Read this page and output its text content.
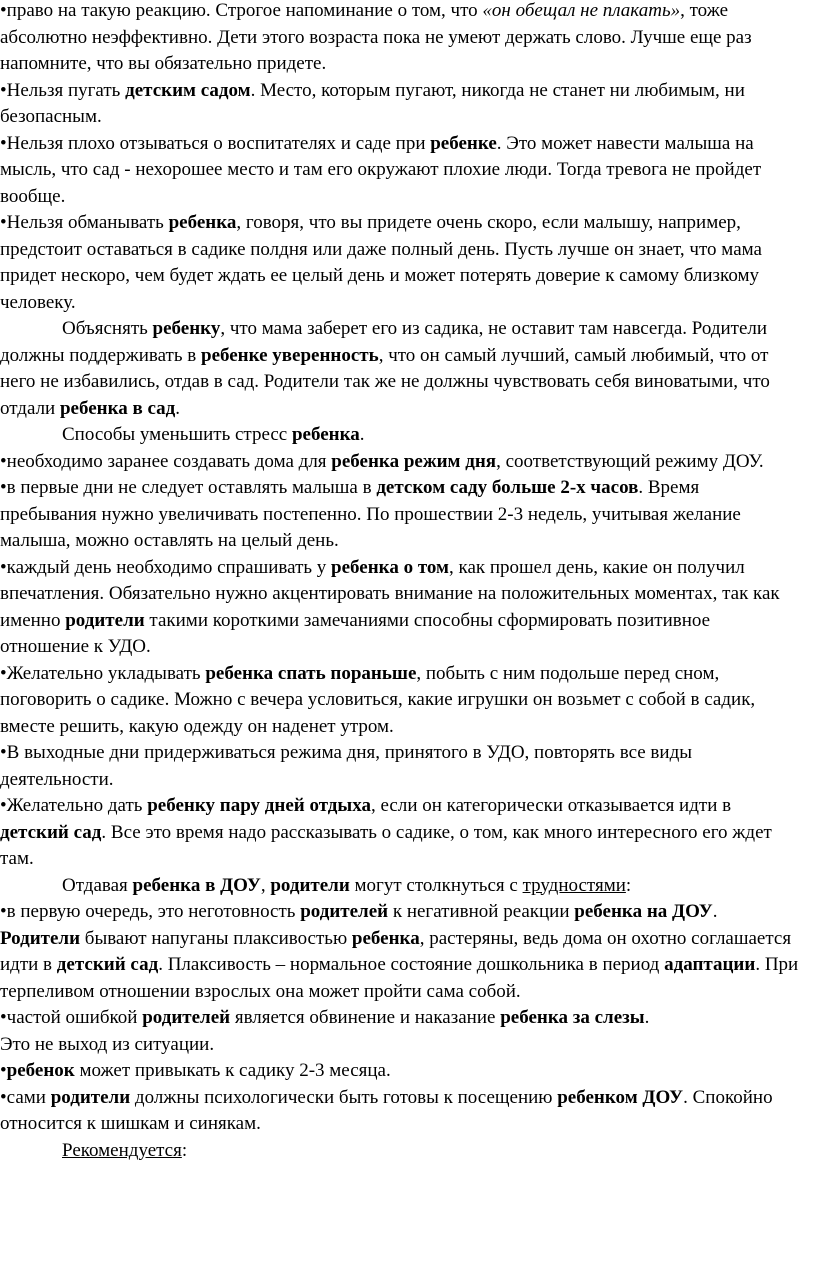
•право на такую реакцию. Строгое напоминание о том, что «он обещал не плакать», тоже абсолютно неэффективно. Дети этого возраста пока не умеют держать слово. Лучше еще раз напомните, что вы обязательно придете.

•Нельзя пугать детским садом. Место, которым пугают, никогда не станет ни любимым, ни безопасным.

•Нельзя плохо отзываться о воспитателях и саде при ребенке. Это может навести малыша на мысль, что сад - нехорошее место и там его окружают плохие люди. Тогда тревога не пройдет вообще.

•Нельзя обманывать ребенка, говоря, что вы придете очень скоро, если малышу, например, предстоит оставаться в садике полдня или даже полный день. Пусть лучше он знает, что мама придет нескоро, чем будет ждать ее целый день и может потерять доверие к самому близкому человеку.

Объяснять ребенку, что мама заберет его из садика, не оставит там навсегда. Родители должны поддерживать в ребенке уверенность, что он самый лучший, самый любимый, что от него не избавились, отдав в сад. Родители так же не должны чувствовать себя виноватыми, что отдали ребенка в сад.

Способы уменьшить стресс ребенка.

•необходимо заранее создавать дома для ребенка режим дня, соответствующий режиму ДОУ.

•в первые дни не следует оставлять малыша в детском саду больше 2-х часов. Время пребывания нужно увеличивать постепенно. По прошествии 2-3 недель, учитывая желание малыша, можно оставлять на целый день.

•каждый день необходимо спрашивать у ребенка о том, как прошел день, какие он получил впечатления. Обязательно нужно акцентировать внимание на положительных моментах, так как именно родители такими короткими замечаниями способны сформировать позитивное отношение к УДО.

•Желательно укладывать ребенка спать пораньше, побыть с ним подольше перед сном, поговорить о садике. Можно с вечера условиться, какие игрушки он возьмет с собой в садик, вместе решить, какую одежду он наденет утром.

•В выходные дни придерживаться режима дня, принятого в УДО, повторять все виды деятельности.

•Желательно дать ребенку пару дней отдыха, если он категорически отказывается идти в детский сад. Все это время надо рассказывать о садике, о том, как много интересного его ждет там.

Отдавая ребенка в ДОУ, родители могут столкнуться с трудностями:

•в первую очередь, это неготовность родителей к негативной реакции ребенка на ДОУ. Родители бывают напуганы плаксивостью ребенка, растеряны, ведь дома он охотно соглашается идти в детский сад. Плаксивость – нормальное состояние дошкольника в период адаптации. При терпеливом отношении взрослых она может пройти сама собой.

•частой ошибкой родителей является обвинение и наказание ребенка за слезы.

Это не выход из ситуации.

•ребенок может привыкать к садику 2-3 месяца.

•сами родители должны психологически быть готовы к посещению ребенком ДОУ. Спокойно относится к шишкам и синякам.

Рекомендуется:
